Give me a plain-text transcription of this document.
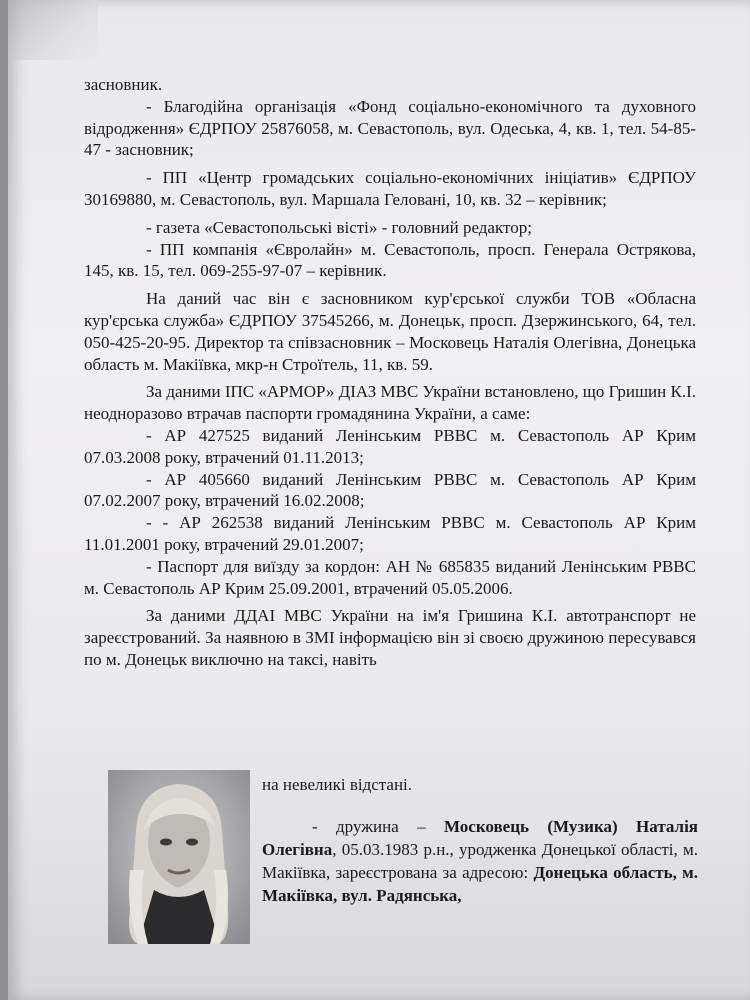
засновник.

- Благодійна організація «Фонд соціально-економічного та духовного відродження» ЄДРПОУ 25876058, м. Севастополь, вул. Одеська, 4, кв. 1, тел. 54-85-47 - засновник;

- ПП «Центр громадських соціально-економічних ініціатив» ЄДРПОУ 30169880, м. Севастополь, вул. Маршала Геловані, 10, кв. 32 – керівник;

- газета «Севастопольські вісті» - головний редактор;

- ПП компанія «Євролайн» м. Севастополь, просп. Генерала Острякова, 145, кв. 15, тел. 069-255-97-07 – керівник.

На даний час він є засновником кур'єрської служби ТОВ «Обласна кур'єрська служба» ЄДРПОУ 37545266, м. Донецьк, просп. Дзержинського, 64, тел. 050-425-20-95. Директор та співзасновник – Московець Наталія Олегівна, Донецька область м. Макіївка, мкр-н Строїтель, 11, кв. 59.

За даними ІПС «АРМОР» ДІАЗ МВС України встановлено, що Гришин К.І. неодноразово втрачав паспорти громадянина України, а саме:

- АР 427525 виданий Ленінським РВВС м. Севастополь АР Крим 07.03.2008 року, втрачений 01.11.2013;

- АР 405660 виданий Ленінським РВВС м. Севастополь АР Крим 07.02.2007 року, втрачений 16.02.2008;

- - АР 262538 виданий Ленінським РВВС м. Севастополь АР Крим 11.01.2001 року, втрачений 29.01.2007;

- Паспорт для виїзду за кордон: АН № 685835 виданий Ленінським РВВС м. Севастополь АР Крим 25.09.2001, втрачений 05.05.2006.

За даними ДДАІ МВС України на ім'я Гришина К.І. автотранспорт не зареєстрований. За наявною в ЗМІ інформацією він зі своєю дружиною пересувався по м. Донецьк виключно на таксі, навіть

на невеликі відстані.
- дружина – Московець (Музика) Наталія Олегівна, 05.03.1983 р.н., уродженка Донецької області, м. Макіївка, зареєстрована за адресою: Донецька область, м. Макіївка, вул. Радянська,
